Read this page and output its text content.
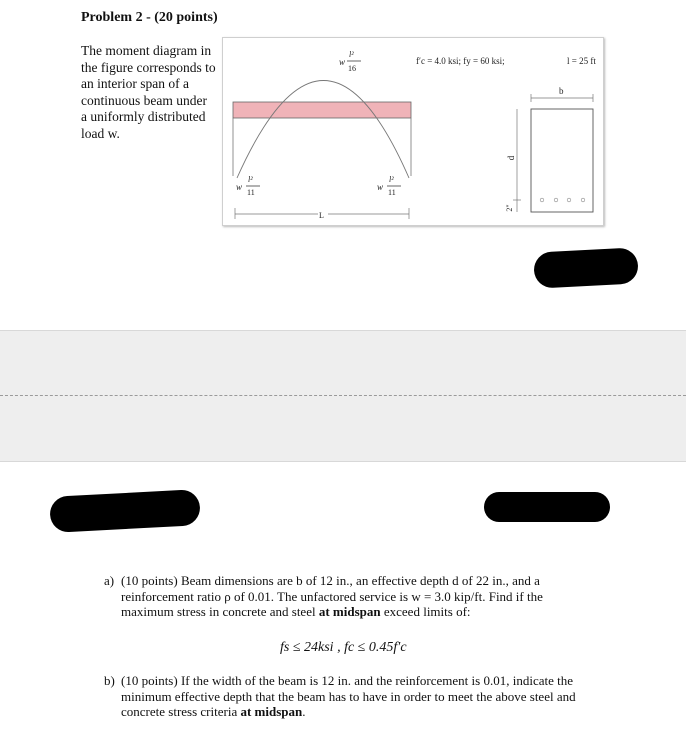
Problem 2 - (20 points)
The moment diagram in the figure corresponds to an interior span of a continuous beam under a uniformly distributed load w.
w
l²
16
w
l²
11
w
l²
11
L
f′c = 4.0 ksi; fy = 60 ksi;	l = 25 ft
b
d
2"
a) (10 points) Beam dimensions are b of 12 in., an effective depth d of 22 in., and a
reinforcement ratio ρ of 0.01. The unfactored service is w = 3.0 kip/ft. Find if the
maximum stress in concrete and steel at midspan exceed limits of:
fs ≤ 24ksi , fc ≤ 0.45f′c
b) (10 points) If the width of the beam is 12 in. and the reinforcement is 0.01, indicate the
minimum effective depth that the beam has to have in order to meet the above steel and
concrete stress criteria at midspan.
